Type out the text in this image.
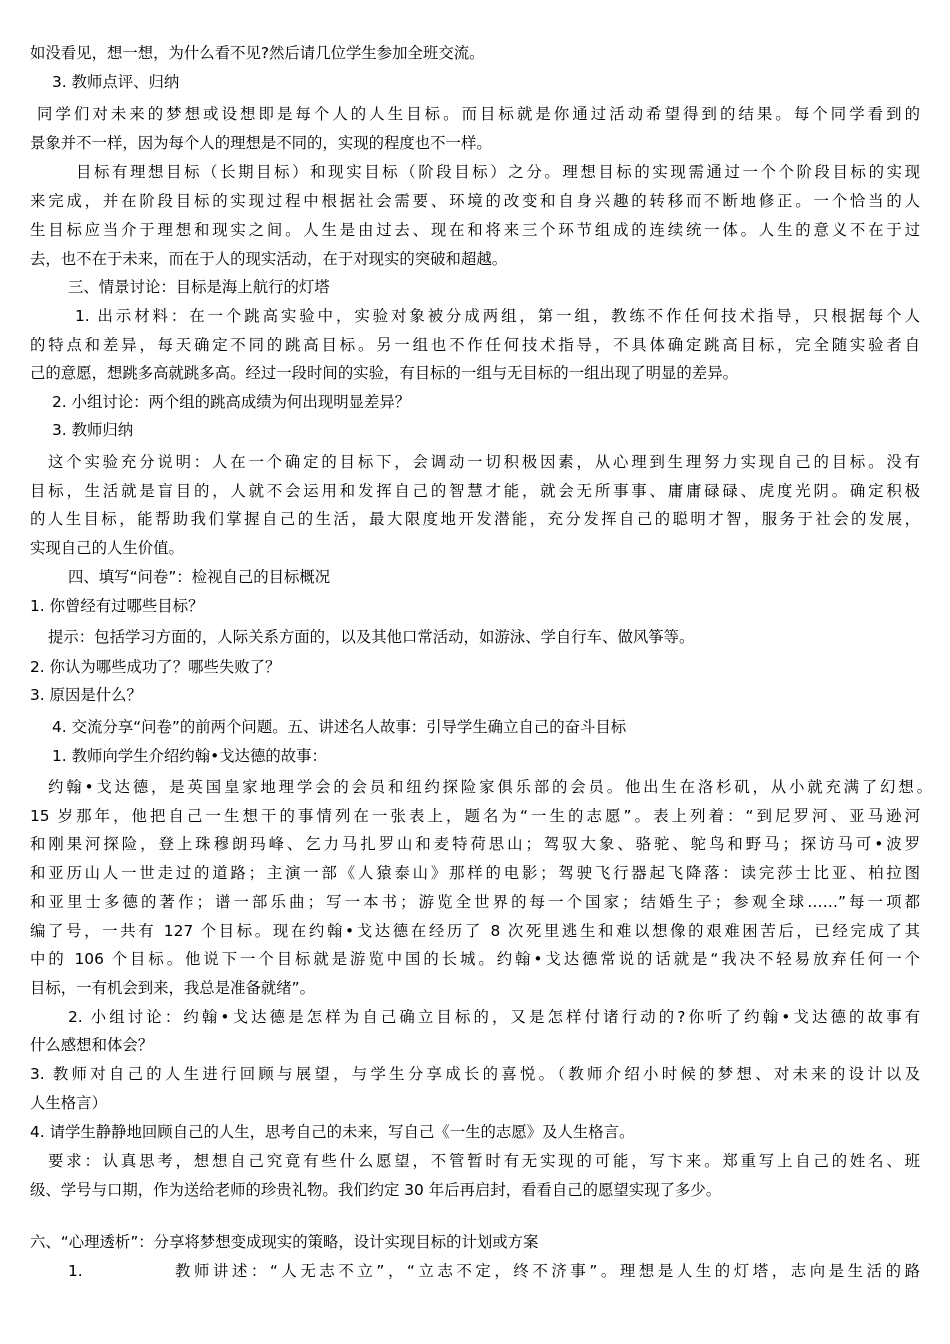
如没看见，想一想，为什么看不见?然后请几位学生参加全班交流。
3. 教师点评、归纳
同学们对未来的梦想或设想即是每个人的人生目标。而目标就是你通过活动希望得到的结果。每个同学看到的
景象并不一样，因为每个人的理想是不同的，实现的程度也不一样。
目标有理想目标（长期目标）和现实目标（阶段目标）之分。理想目标的实现需通过一个个阶段目标的实现
来完成，并在阶段目标的实现过程中根据社会需要、环境的改变和自身兴趣的转移而不断地修正。一个恰当的人
生目标应当介于理想和现实之间。人生是由过去、现在和将来三个环节组成的连续统一体。人生的意义不在于过
去，也不在于未来，而在于人的现实活动，在于对现实的突破和超越。
三、情景讨论：目标是海上航行的灯塔
1. 出示材料：在一个跳高实验中，实验对象被分成两组，第一组，教练不作任何技术指导，只根据每个人
的特点和差异，每天确定不同的跳高目标。另一组也不作任何技术指导，不具体确定跳高目标，完全随实验者自
己的意愿，想跳多高就跳多高。经过一段时间的实验，有目标的一组与无目标的一组出现了明显的差异。
2. 小组讨论：两个组的跳高成绩为何出现明显差异？
3. 教师归纳
这个实验充分说明：人在一个确定的目标下，会调动一切积极因素，从心理到生理努力实现自己的目标。没有
目标，生活就是盲目的，人就不会运用和发挥自己的智慧才能，就会无所事事、庸庸碌碌、虎度光阴。确定积极
的人生目标，能帮助我们掌握自己的生活，最大限度地开发潜能，充分发挥自己的聪明才智，服务于社会的发展，
实现自己的人生价值。
四、填写“问卷”：检视自己的目标概况
1. 你曾经有过哪些目标？
提示：包括学习方面的，人际关系方面的，以及其他口常活动，如游泳、学自行车、做风筝等。
2. 你认为哪些成功了？哪些失败了？
3. 原因是什么？
4. 交流分享“问卷”的前两个问题。五、讲述名人故事：引导学生确立自己的奋斗目标
1. 教师向学生介绍约翰•戈达德的故事：
约翰•戈达德，是英国皇家地理学会的会员和纽约探险家俱乐部的会员。他出生在洛杉矶，从小就充满了幻想。
15 岁那年，他把自己一生想干的事情列在一张表上，题名为“一生的志愿”。表上列着：“到尼罗河、亚马逊河
和刚果河探险，登上珠穆朗玛峰、乞力马扎罗山和麦特荷思山；驾驭大象、骆驼、鸵鸟和野马；探访马可•波罗
和亚历山人一世走过的道路；主演一部《人猿泰山》那样的电影；驾驶飞行器起飞降落：读完莎士比亚、柏拉图
和亚里士多德的著作；谱一部乐曲；写一本书；游览全世界的每一个国家；结婚生子；参观全球……”每一项都
编了号，一共有 127 个目标。现在约翰•戈达德在经历了 8 次死里逃生和难以想像的艰难困苦后，已经完成了其
中的 106 个目标。他说下一个目标就是游览中国的长城。约翰•戈达德常说的话就是“我决不轻易放弃任何一个
目标，一有机会到来，我总是准备就绪”。
2. 小组讨论：约翰•戈达德是怎样为自己确立目标的，又是怎样付诸行动的?你听了约翰•戈达德的故事有
什么感想和体会？
3. 教师对自己的人生进行回顾与展望，与学生分享成长的喜悦。（教师介绍小时候的梦想、对未来的设计以及
人生格言）
4. 请学生静静地回顾自己的人生，思考自己的未来，写自己《一生的志愿》及人生格言。
要求：认真思考，想想自己究竟有些什么愿望，不管暂时有无实现的可能，写卞来。郑重写上自己的姓名、班
级、学号与口期，作为送给老师的珍贵礼物。我们约定 30 年后再启封，看看自己的愿望实现了多少。
六、“心理透析”：分享将梦想变成现实的策略，设计实现目标的计划或方案
1.	教师讲述：“人无志不立”，“立志不定，终不济事”。理想是人生的灯塔，志向是生活的路
